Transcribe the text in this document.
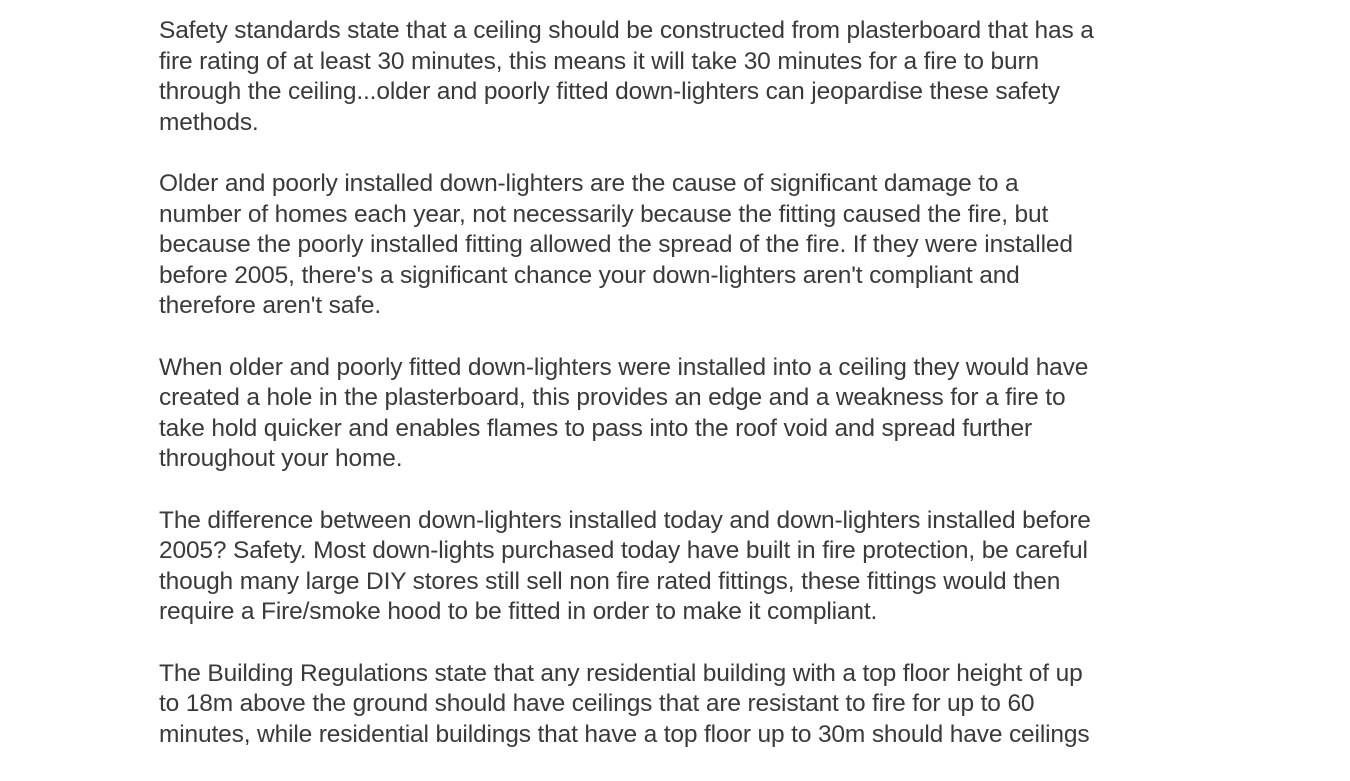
Safety standards state that a ceiling should be constructed from plasterboard that has a
fire rating of at least 30 minutes, this means it will take 30 minutes for a fire to burn
through the ceiling...older and poorly fitted down-lighters can jeopardise these safety
methods.

Older and poorly installed down-lighters are the cause of significant damage to a
number of homes each year, not necessarily because the fitting caused the fire, but
because the poorly installed fitting allowed the spread of the fire. If they were installed
before 2005, there's a significant chance your down-lighters aren't compliant and
therefore aren't safe.

When older and poorly fitted down-lighters were installed into a ceiling they would have
created a hole in the plasterboard, this provides an edge and a weakness for a fire to
take hold quicker and enables flames to pass into the roof void and spread further
throughout your home.

The difference between down-lighters installed today and down-lighters installed before
2005? Safety. Most down-lights purchased today have built in fire protection, be careful
though many large DIY stores still sell non fire rated fittings, these fittings would then
require a Fire/smoke hood to be fitted in order to make it compliant.

The Building Regulations state that any residential building with a top floor height of up
to 18m above the ground should have ceilings that are resistant to fire for up to 60
minutes, while residential buildings that have a top floor up to 30m should have ceilings
